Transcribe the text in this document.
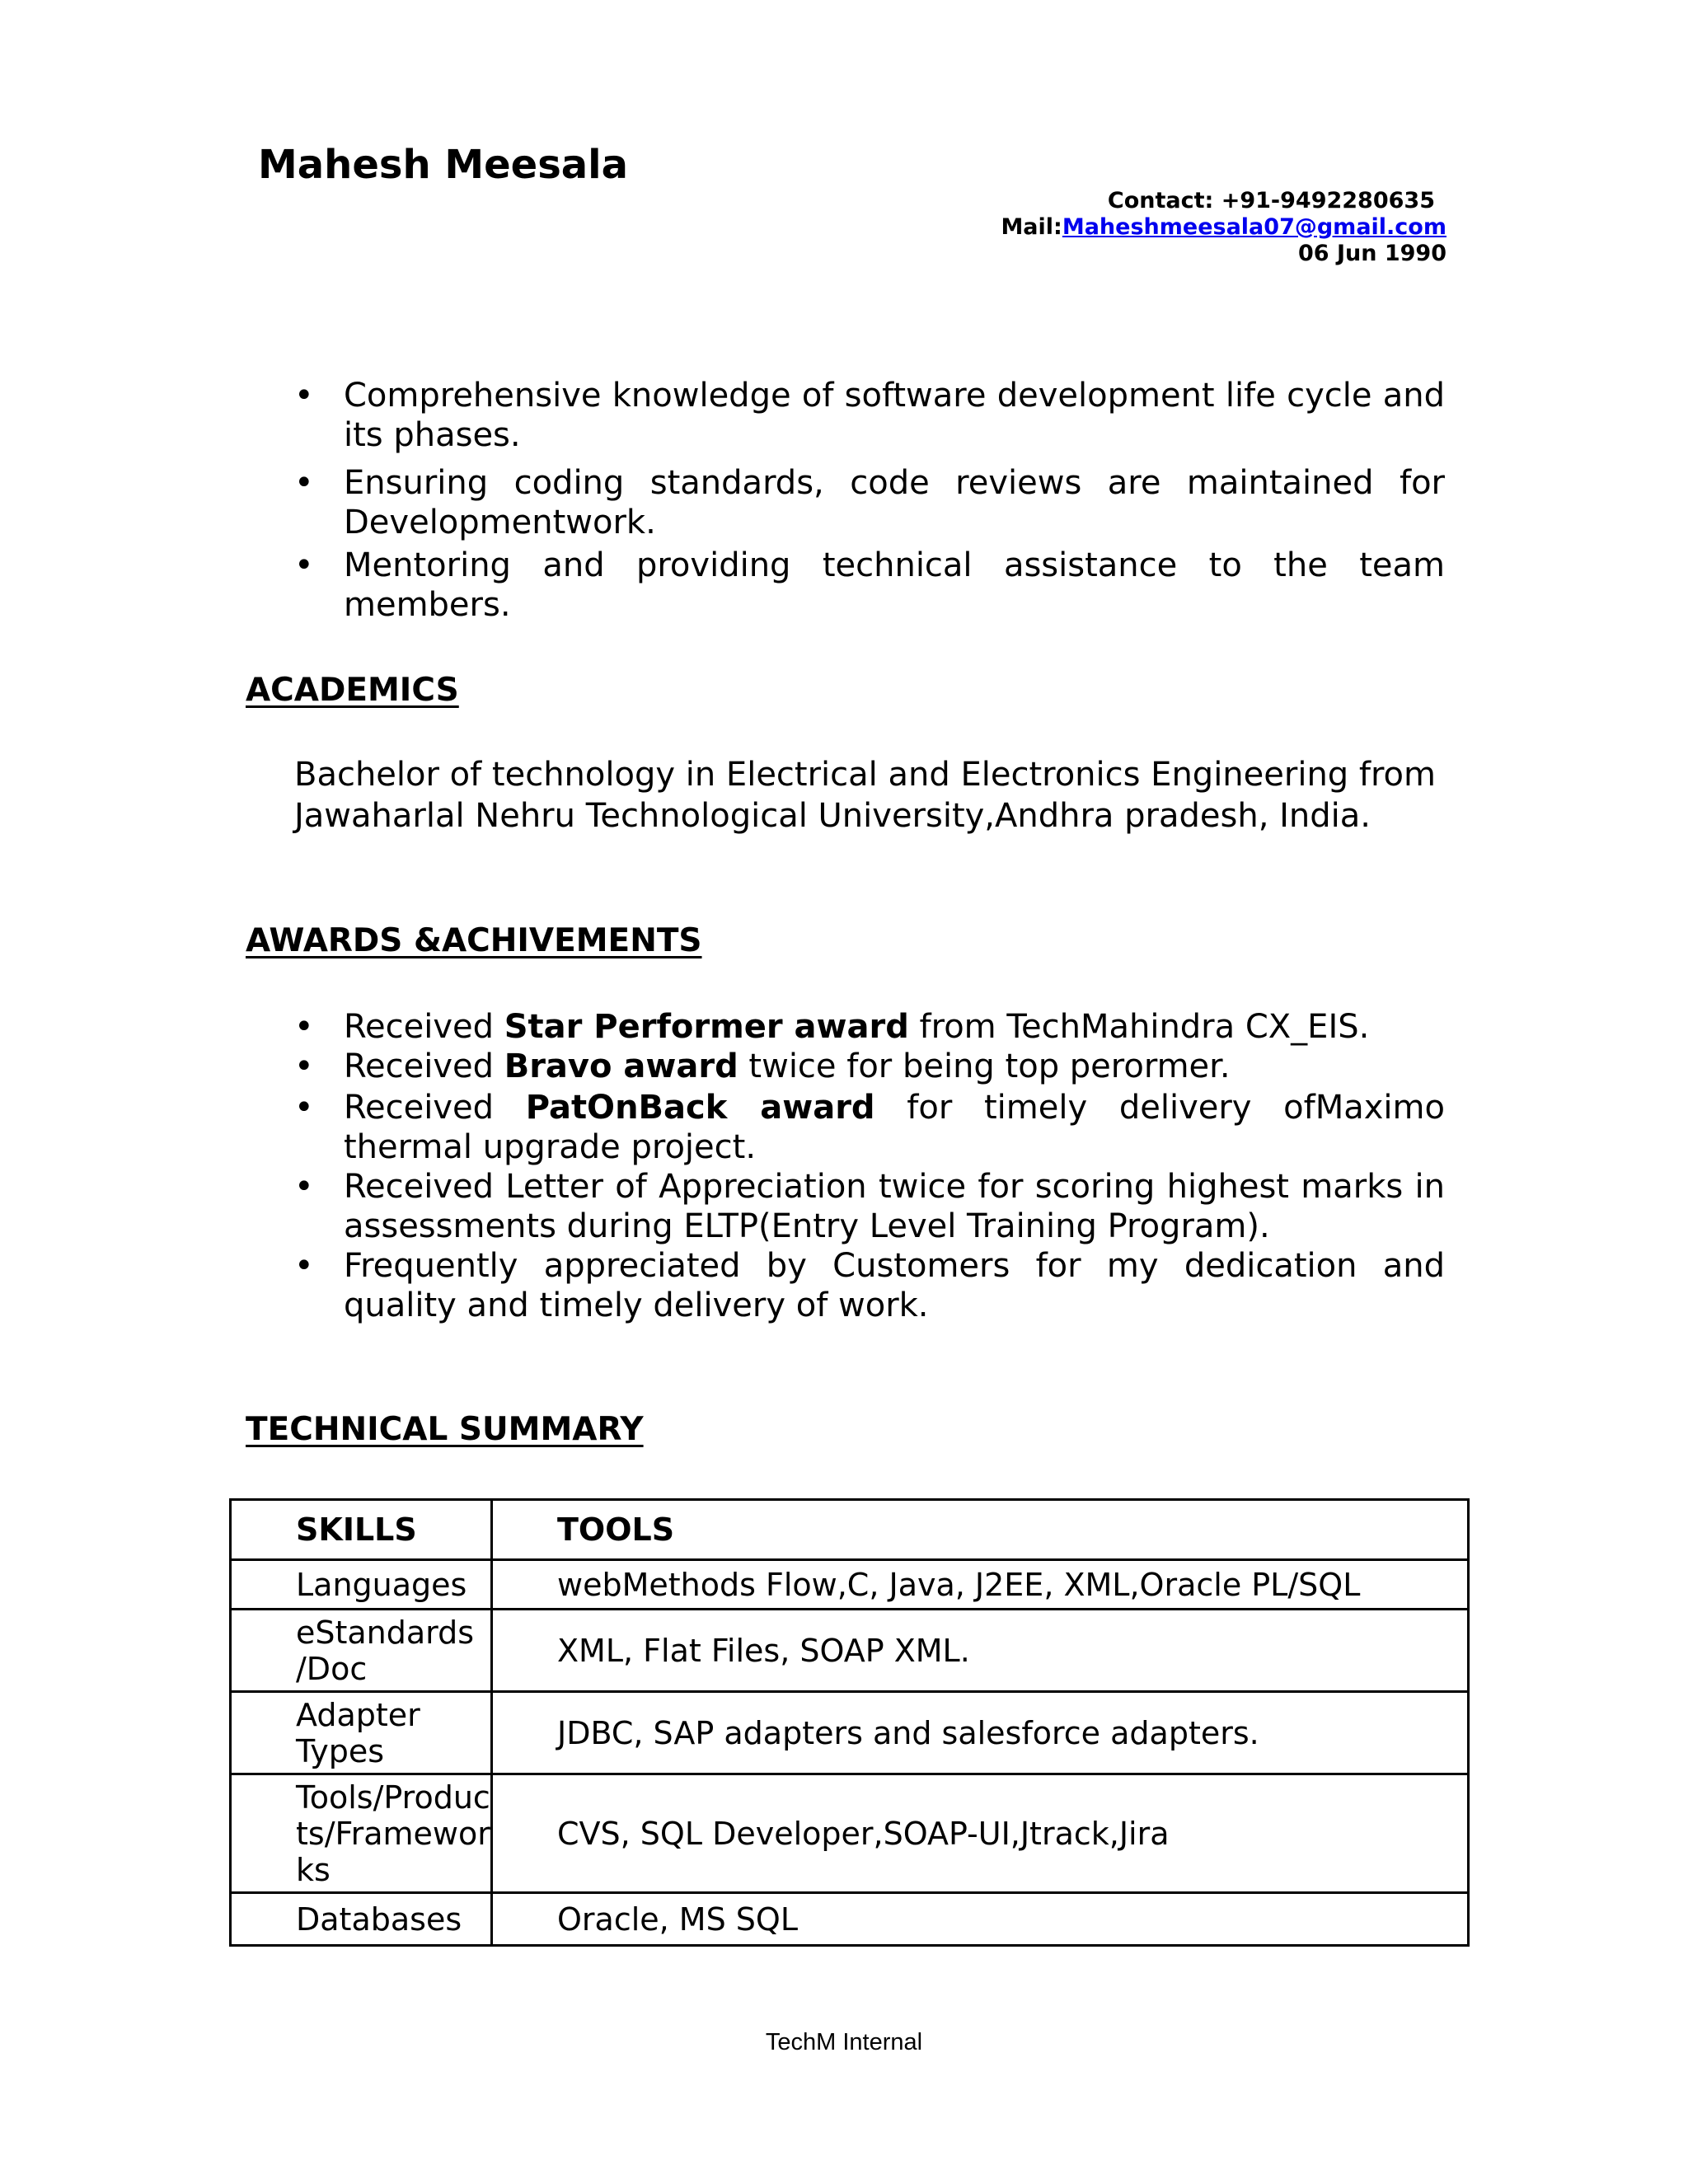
Mahesh Meesala
Contact: +91-9492280635
Mail:Maheshmeesala07@gmail.com
06 Jun 1990
• Comprehensive knowledge of software development life cycle and its phases.
• Ensuring coding standards, code reviews are maintained for Developmentwork.
• Mentoring and providing technical assistance to the team members.
ACADEMICS

Bachelor of technology in Electrical and Electronics Engineering from Jawaharlal Nehru Technological University,Andhra pradesh, India.

AWARDS &ACHIVEMENTS
• Received Star Performer award from TechMahindra CX_EIS.
• Received Bravo award twice for being top perormer.
• Received PatOnBack award for timely delivery ofMaximo thermal upgrade project.
• Received Letter of Appreciation twice for scoring highest marks in assessments during ELTP(Entry Level Training Program).
• Frequently appreciated by Customers for my dedication and quality and timely delivery of work.
TECHNICAL SUMMARY
SKILLS	TOOLS
Languages	webMethods Flow,C, Java, J2EE, XML,Oracle PL/SQL
eStandards /Doc	XML, Flat Files, SOAP XML.
Adapter Types	JDBC, SAP adapters and salesforce adapters.
Tools/Products/Frameworks	CVS, SQL Developer,SOAP-UI,Jtrack,Jira
Databases	Oracle, MS SQL
TechM Internal
